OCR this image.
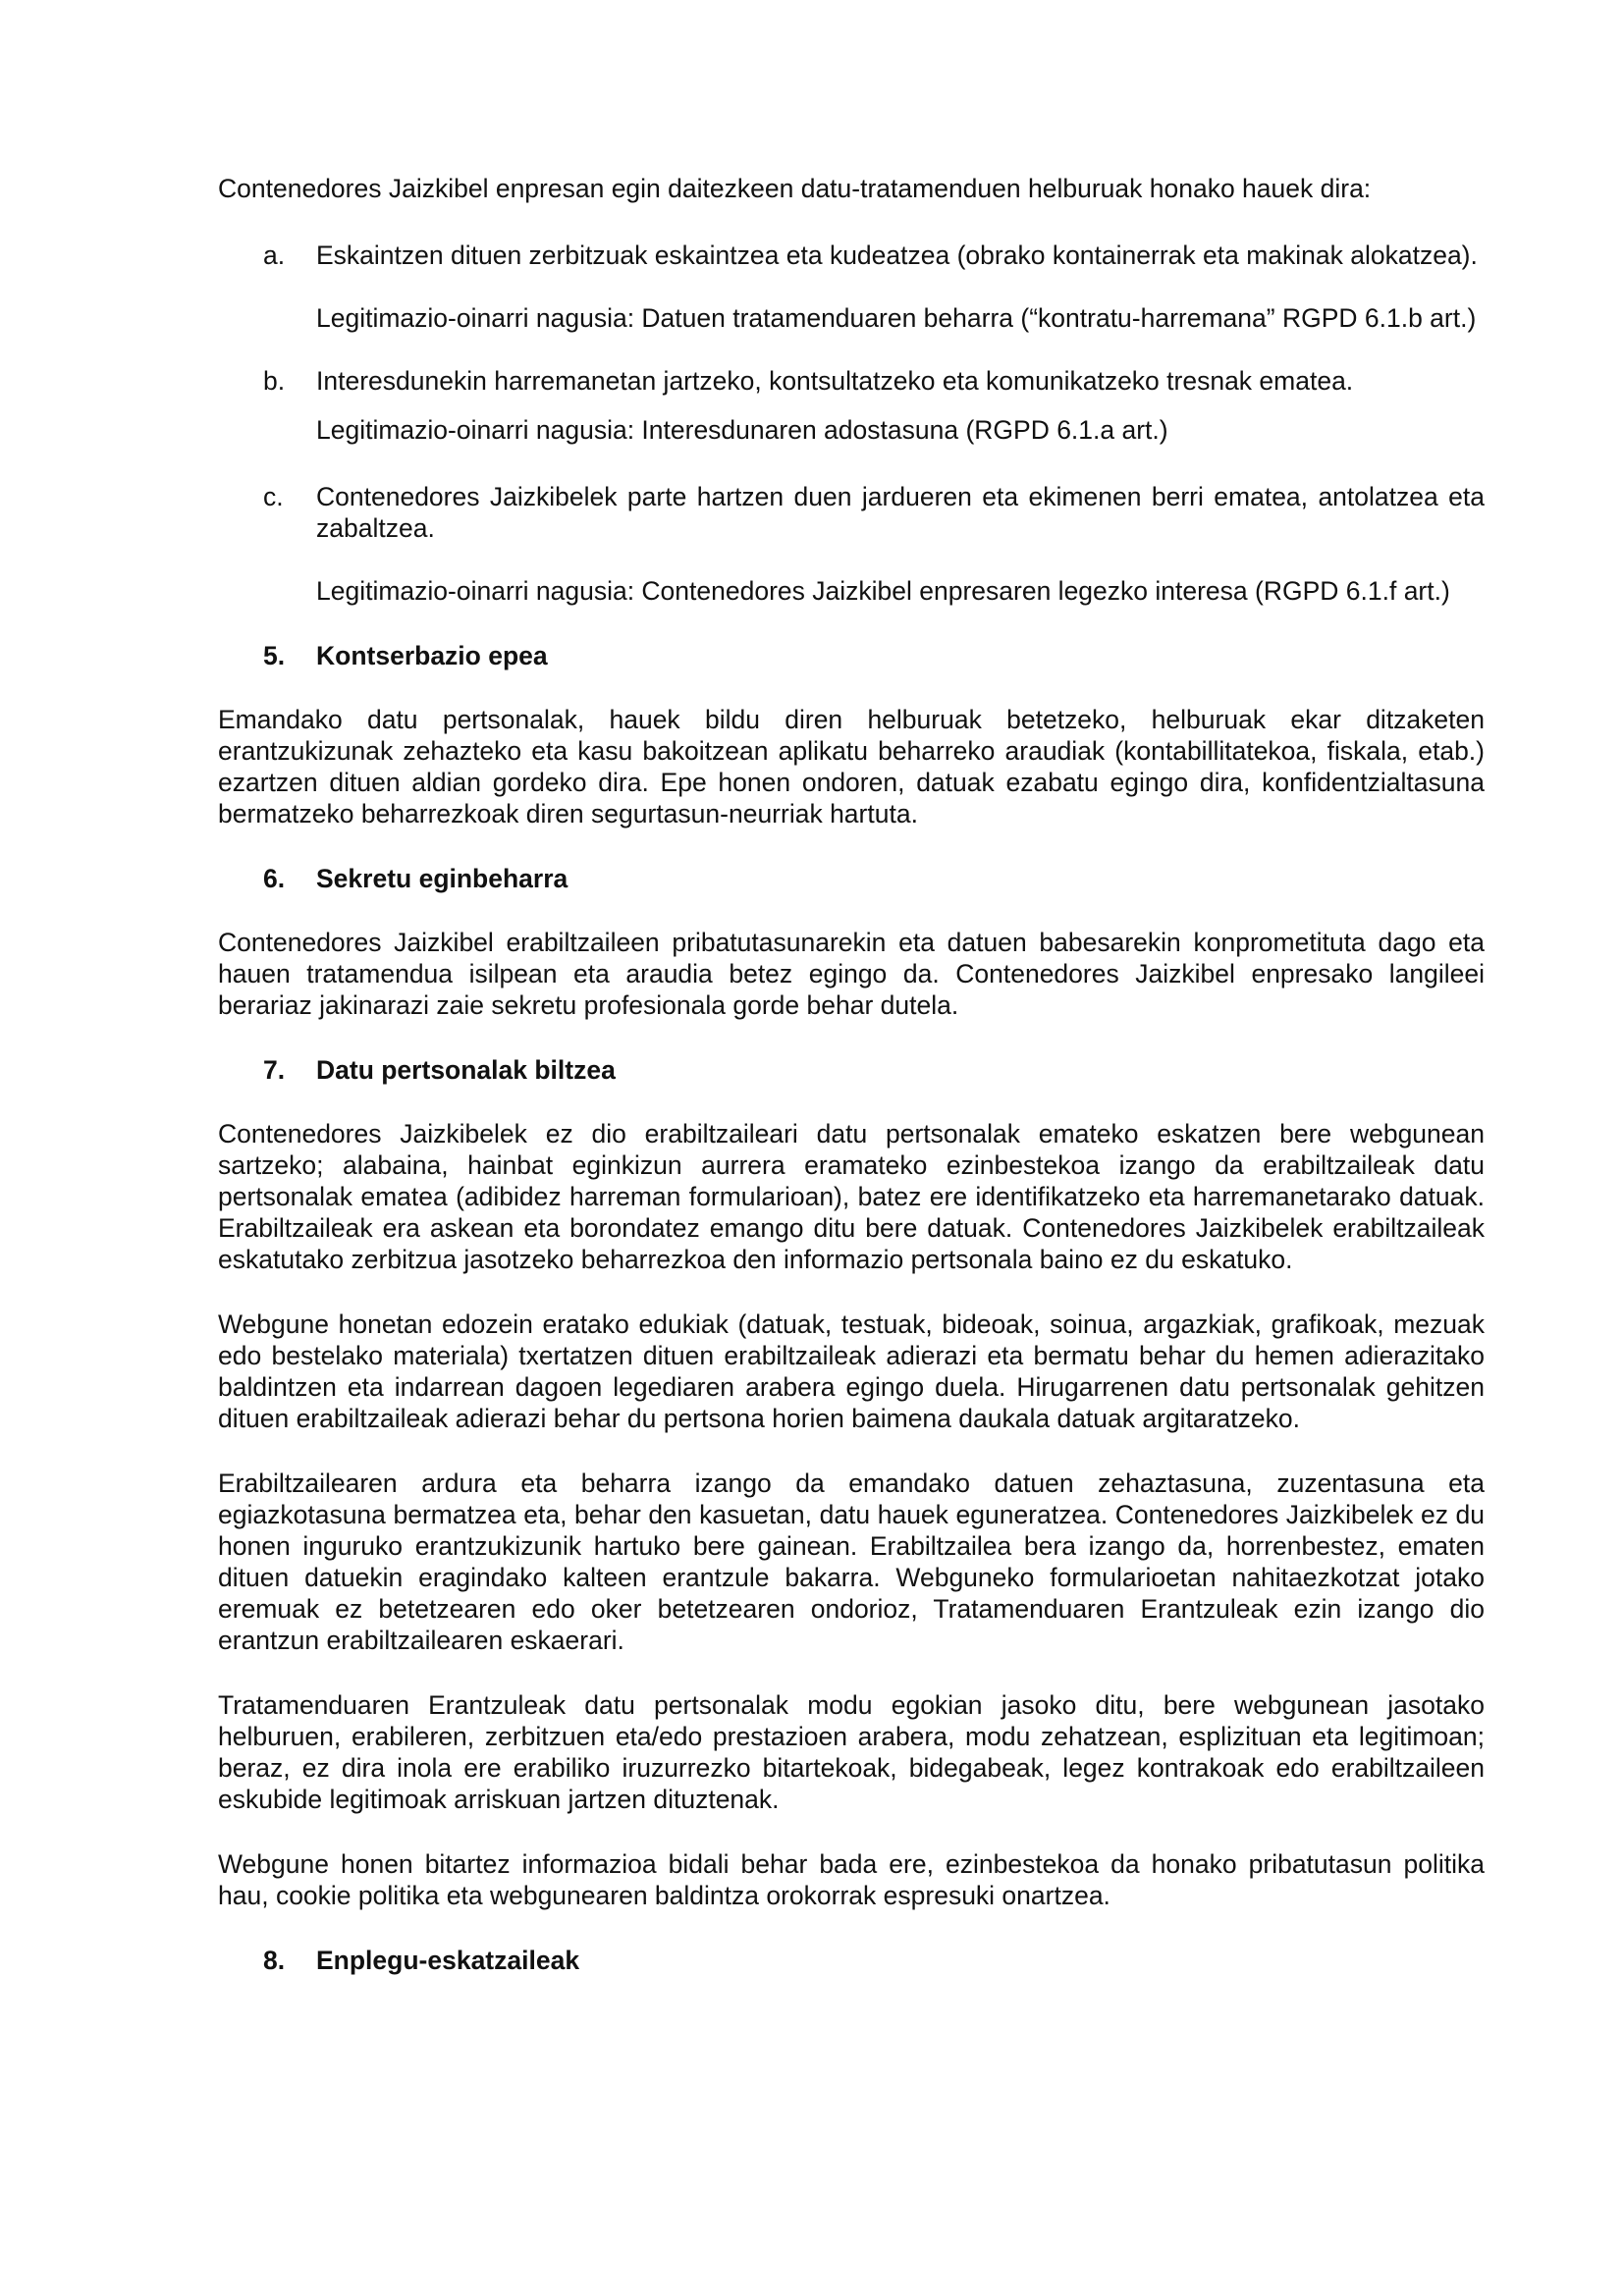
Contenedores Jaizkibel enpresan egin daitezkeen datu-tratamenduen helburuak honako hauek dira:

a. Eskaintzen dituen zerbitzuak eskaintzea eta kudeatzea (obrako kontainerrak eta makinak alokatzea).

Legitimazio-oinarri nagusia: Datuen tratamenduaren beharra (“kontratu-harremana” RGPD 6.1.b art.)

b. Interesdunekin harremanetan jartzeko, kontsultatzeko eta komunikatzeko tresnak ematea.

Legitimazio-oinarri nagusia: Interesdunaren adostasuna (RGPD 6.1.a art.)

c. Contenedores Jaizkibelek parte hartzen duen jardueren eta ekimenen berri ematea, antolatzea eta zabaltzea.

Legitimazio-oinarri nagusia: Contenedores Jaizkibel enpresaren legezko interesa (RGPD 6.1.f art.)

5. Kontserbazio epea

Emandako datu pertsonalak, hauek bildu diren helburuak betetzeko, helburuak ekar ditzaketen erantzukizunak zehazteko eta kasu bakoitzean aplikatu beharreko araudiak (kontabillitatekoa, fiskala, etab.) ezartzen dituen aldian gordeko dira. Epe honen ondoren, datuak ezabatu egingo dira, konfidentzialtasuna bermatzeko beharrezkoak diren segurtasun-neurriak hartuta.

6. Sekretu eginbeharra

Contenedores Jaizkibel erabiltzaileen pribatutasunarekin eta datuen babesarekin konprometituta dago eta hauen tratamendua isilpean eta araudia betez egingo da. Contenedores Jaizkibel enpresako langileei berariaz jakinarazi zaie sekretu profesionala gorde behar dutela.

7. Datu pertsonalak biltzea

Contenedores Jaizkibelek ez dio erabiltzaileari datu pertsonalak emateko eskatzen bere webgunean sartzeko; alabaina, hainbat eginkizun aurrera eramateko ezinbestekoa izango da erabiltzaileak datu pertsonalak ematea (adibidez harreman formularioan), batez ere identifikatzeko eta harremanetarako datuak. Erabiltzaileak era askean eta borondatez emango ditu bere datuak. Contenedores Jaizkibelek erabiltzaileak eskatutako zerbitzua jasotzeko beharrezkoa den informazio pertsonala baino ez du eskatuko.

Webgune honetan edozein eratako edukiak (datuak, testuak, bideoak, soinua, argazkiak, grafikoak, mezuak edo bestelako materiala) txertatzen dituen erabiltzaileak adierazi eta bermatu behar du hemen adierazitako baldintzen eta indarrean dagoen legediaren arabera egingo duela. Hirugarrenen datu pertsonalak gehitzen dituen erabiltzaileak adierazi behar du pertsona horien baimena daukala datuak argitaratzeko.

Erabiltzailearen ardura eta beharra izango da emandako datuen zehaztasuna, zuzentasuna eta egiazkotasuna bermatzea eta, behar den kasuetan, datu hauek eguneratzea. Contenedores Jaizkibelek ez du honen inguruko erantzukizunik hartuko bere gainean. Erabiltzailea bera izango da, horrenbestez, ematen dituen datuekin eragindako kalteen erantzule bakarra. Webguneko formularioetan nahitaezkotzat jotako eremuak ez betetzearen edo oker betetzearen ondorioz, Tratamenduaren Erantzuleak ezin izango dio erantzun erabiltzailearen eskaerari.

Tratamenduaren Erantzuleak datu pertsonalak modu egokian jasoko ditu, bere webgunean jasotako helburuen, erabileren, zerbitzuen eta/edo prestazioen arabera, modu zehatzean, esplizituan eta legitimoan; beraz, ez dira inola ere erabiliko iruzurrezko bitartekoak, bidegabeak, legez kontrakoak edo erabiltzaileen eskubide legitimoak arriskuan jartzen dituztenak.

Webgune honen bitartez informazioa bidali behar bada ere, ezinbestekoa da honako pribatutasun politika hau, cookie politika eta webgunearen baldintza orokorrak espresuki onartzea.

8. Enplegu-eskatzaileak
